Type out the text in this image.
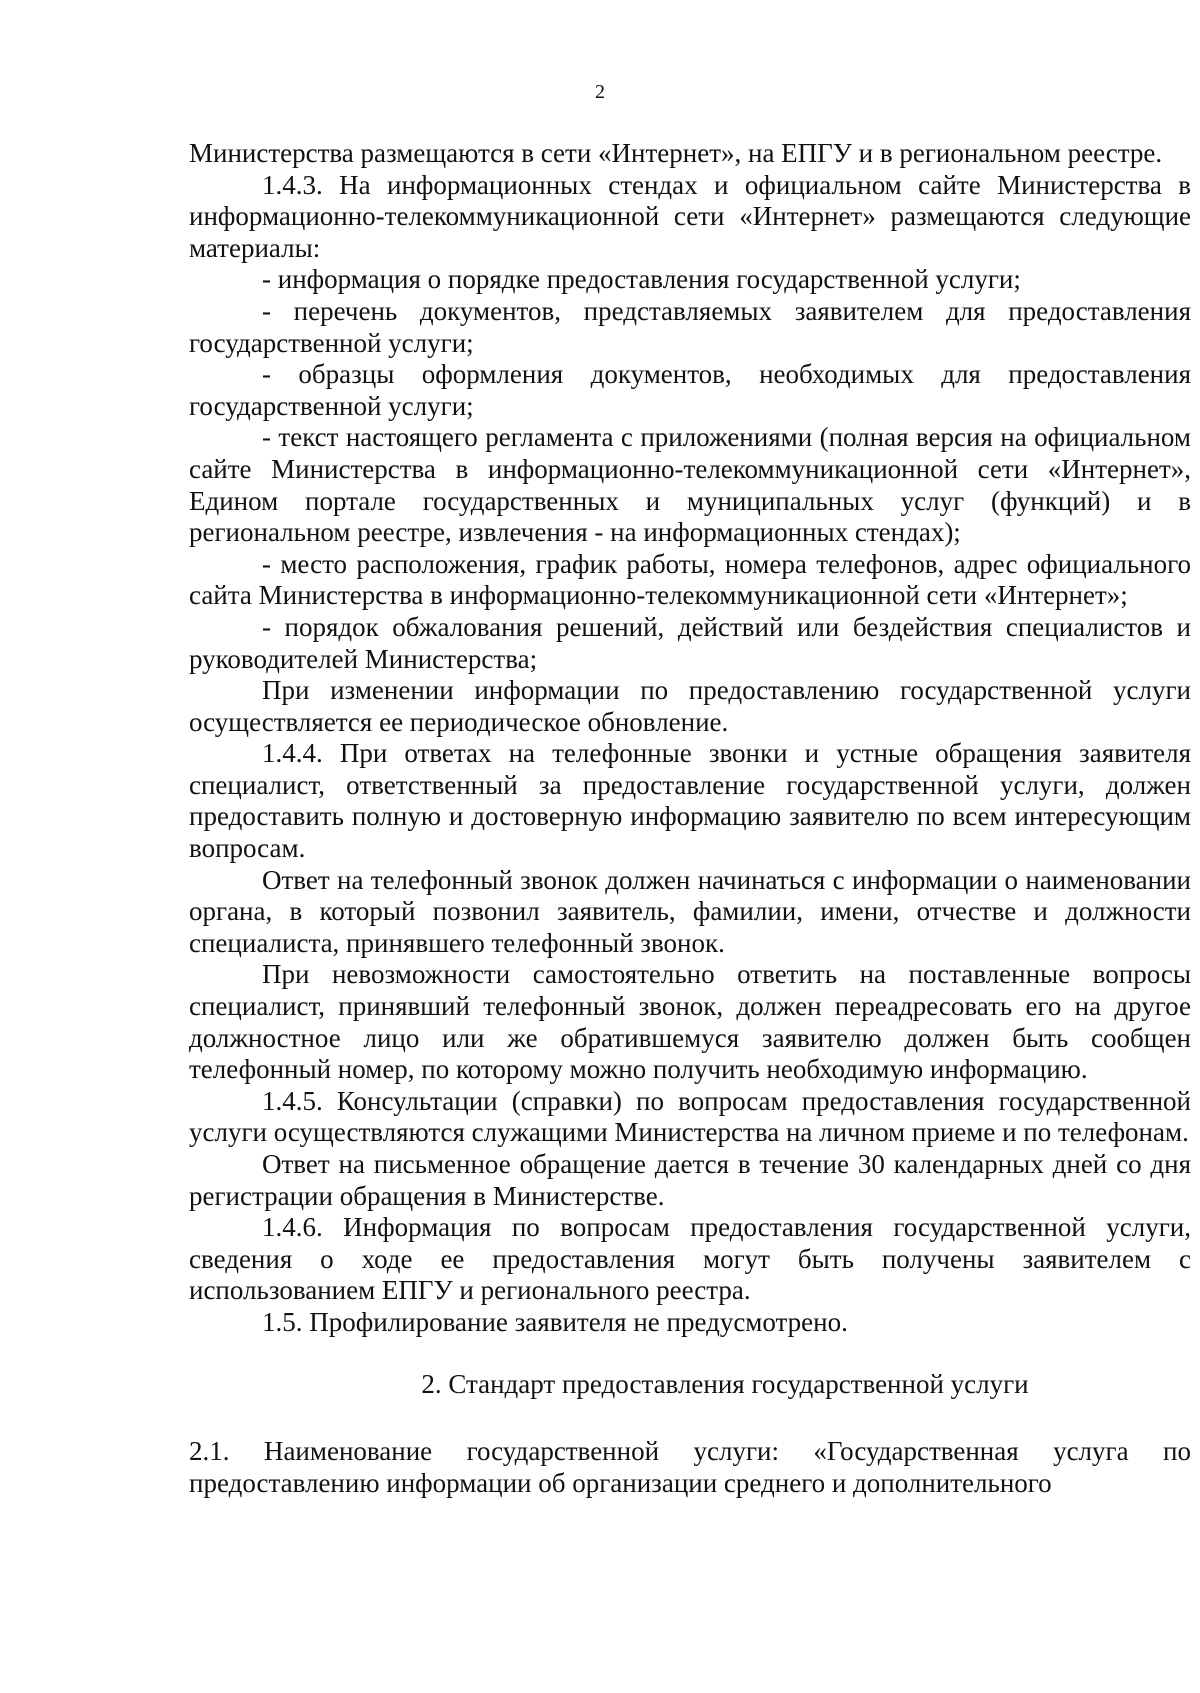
2

Министерства размещаются в сети «Интернет», на ЕПГУ и в региональном реестре.

1.4.3. На информационных стендах и официальном сайте Министерства в информационно-телекоммуникационной сети «Интернет» размещаются следующие материалы:

- информация о порядке предоставления государственной услуги;

- перечень документов, представляемых заявителем для предоставления государственной услуги;

- образцы оформления документов, необходимых для предоставления государственной услуги;

- текст настоящего регламента с приложениями (полная версия на официальном сайте Министерства в информационно-телекоммуникационной сети «Интернет», Едином портале государственных и муниципальных услуг (функций) и в региональном реестре, извлечения - на информационных стендах);

- место расположения, график работы, номера телефонов, адрес официального сайта Министерства в информационно-телекоммуникационной сети «Интернет»;

- порядок обжалования решений, действий или бездействия специалистов и руководителей Министерства;

При изменении информации по предоставлению государственной услуги осуществляется ее периодическое обновление.

1.4.4. При ответах на телефонные звонки и устные обращения заявителя специалист, ответственный за предоставление государственной услуги, должен предоставить полную и достоверную информацию заявителю по всем интересующим вопросам.

Ответ на телефонный звонок должен начинаться с информации о наименовании органа, в который позвонил заявитель, фамилии, имени, отчестве и должности специалиста, принявшего телефонный звонок.

При невозможности самостоятельно ответить на поставленные вопросы специалист, принявший телефонный звонок, должен переадресовать его на другое должностное лицо или же обратившемуся заявителю должен быть сообщен телефонный номер, по которому можно получить необходимую информацию.

1.4.5. Консультации (справки) по вопросам предоставления государственной услуги осуществляются служащими Министерства на личном приеме и по телефонам.

Ответ на письменное обращение дается в течение 30 календарных дней со дня регистрации обращения в Министерстве.

1.4.6. Информация по вопросам предоставления государственной услуги, сведения о ходе ее предоставления могут быть получены заявителем с использованием ЕПГУ и регионального реестра.

1.5. Профилирование заявителя не предусмотрено.

2. Стандарт предоставления государственной услуги

2.1. Наименование государственной услуги: «Государственная услуга по предоставлению информации об организации среднего и дополнительного
